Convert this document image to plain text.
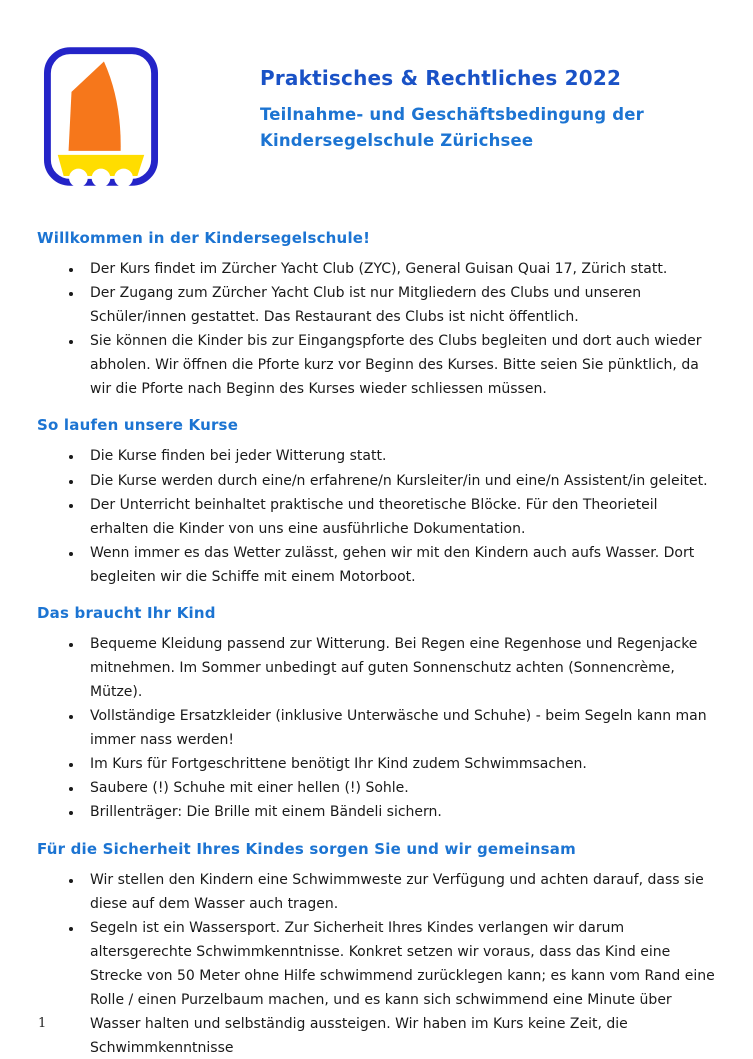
Praktisches & Rechtliches 2022
Teilnahme- und Geschäftsbedingung der Kindersegelschule Zürichsee
Willkommen in der Kindersegelschule!
• Der Kurs findet im Zürcher Yacht Club (ZYC), General Guisan Quai 17, Zürich statt.
• Der Zugang zum Zürcher Yacht Club ist nur Mitgliedern des Clubs und unseren Schüler/innen gestattet. Das Restaurant des Clubs ist nicht öffentlich.
• Sie können die Kinder bis zur Eingangspforte des Clubs begleiten und dort auch wieder abholen. Wir öffnen die Pforte kurz vor Beginn des Kurses. Bitte seien Sie pünktlich, da wir die Pforte nach Beginn des Kurses wieder schliessen müssen.
So laufen unsere Kurse
• Die Kurse finden bei jeder Witterung statt.
• Die Kurse werden durch eine/n erfahrene/n Kursleiter/in und eine/n Assistent/in geleitet.
• Der Unterricht beinhaltet praktische und theoretische Blöcke. Für den Theorieteil erhalten die Kinder von uns eine ausführliche Dokumentation.
• Wenn immer es das Wetter zulässt, gehen wir mit den Kindern auch aufs Wasser. Dort begleiten wir die Schiffe mit einem Motorboot.
Das braucht Ihr Kind
• Bequeme Kleidung passend zur Witterung. Bei Regen eine Regenhose und Regenjacke mitnehmen. Im Sommer unbedingt auf guten Sonnenschutz achten (Sonnencrème, Mütze).
• Vollständige Ersatzkleider (inklusive Unterwäsche und Schuhe) - beim Segeln kann man immer nass werden!
• Im Kurs für Fortgeschrittene benötigt Ihr Kind zudem Schwimmsachen.
• Saubere (!) Schuhe mit einer hellen (!) Sohle.
• Brillenträger: Die Brille mit einem Bändeli sichern.
Für die Sicherheit Ihres Kindes sorgen Sie und wir gemeinsam
• Wir stellen den Kindern eine Schwimmweste zur Verfügung und achten darauf, dass sie diese auf dem Wasser auch tragen.
• Segeln ist ein Wassersport. Zur Sicherheit Ihres Kindes verlangen wir darum altersgerechte Schwimmkenntnisse. Konkret setzen wir voraus, dass das Kind eine Strecke von 50 Meter ohne Hilfe schwimmend zurücklegen kann; es kann vom Rand eine Rolle / einen Purzelbaum machen, und es kann sich schwimmend eine Minute über Wasser halten und selbständig aussteigen. Wir haben im Kurs keine Zeit, die Schwimmkenntnisse
1
